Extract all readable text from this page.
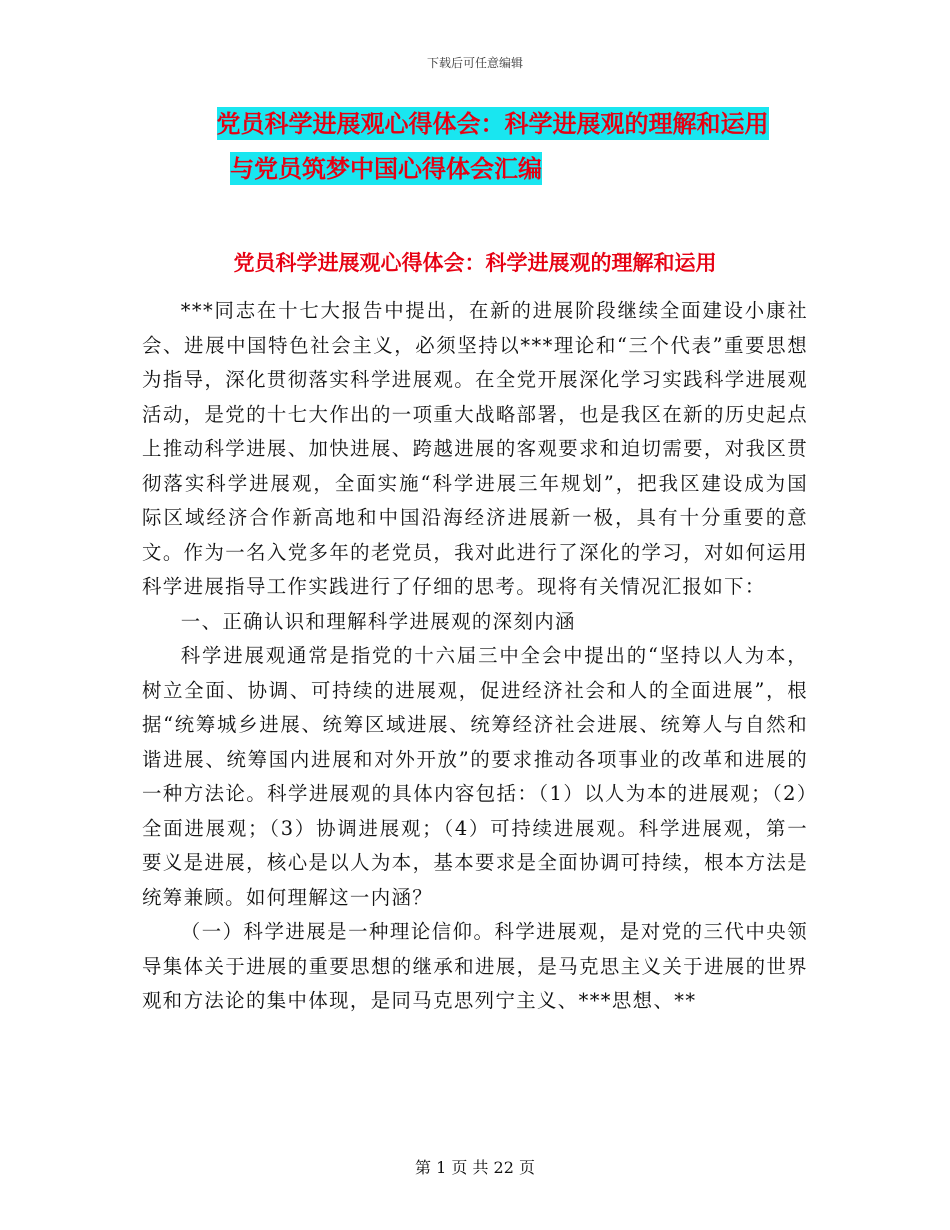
下载后可任意编辑
党员科学进展观心得体会：科学进展观的理解和运用
与党员筑梦中国心得体会汇编
党员科学进展观心得体会：科学进展观的理解和运用

***同志在十七大报告中提出，在新的进展阶段继续全面建设小康社会、进展中国特色社会主义，必须坚持以***理论和“三个代表”重要思想为指导，深化贯彻落实科学进展观。在全党开展深化学习实践科学进展观活动，是党的十七大作出的一项重大战略部署，也是我区在新的历史起点上推动科学进展、加快进展、跨越进展的客观要求和迫切需要，对我区贯彻落实科学进展观，全面实施“科学进展三年规划”，把我区建设成为国际区域经济合作新高地和中国沿海经济进展新一极，具有十分重要的意文。作为一名入党多年的老党员，我对此进行了深化的学习，对如何运用科学进展指导工作实践进行了仔细的思考。现将有关情况汇报如下：

一、正确认识和理解科学进展观的深刻内涵

科学进展观通常是指党的十六届三中全会中提出的“坚持以人为本，树立全面、协调、可持续的进展观，促进经济社会和人的全面进展”，根据“统筹城乡进展、统筹区域进展、统筹经济社会进展、统筹人与自然和谐进展、统筹国内进展和对外开放”的要求推动各项事业的改革和进展的一种方法论。科学进展观的具体内容包括：（1）以人为本的进展观；（2）全面进展观；（3）协调进展观；（4）可持续进展观。科学进展观，第一要义是进展，核心是以人为本，基本要求是全面协调可持续，根本方法是统筹兼顾。如何理解这一内涵？

（一）科学进展是一种理论信仰。科学进展观，是对党的三代中央领导集体关于进展的重要思想的继承和进展，是马克思主义关于进展的世界观和方法论的集中体现，是同马克思列宁主义、***思想、**

第 1 页 共 22 页
